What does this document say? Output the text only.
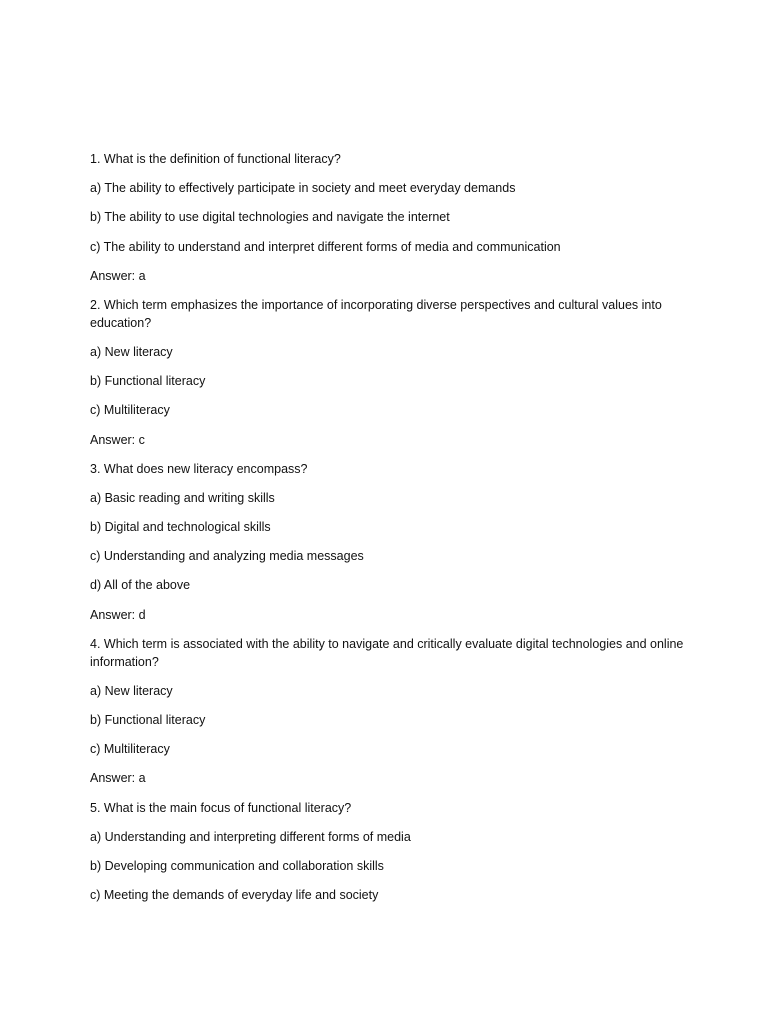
1. What is the definition of functional literacy?
a) The ability to effectively participate in society and meet everyday demands
b) The ability to use digital technologies and navigate the internet
c) The ability to understand and interpret different forms of media and communication
Answer: a
2. Which term emphasizes the importance of incorporating diverse perspectives and cultural values into education?
a) New literacy
b) Functional literacy
c) Multiliteracy
Answer: c
3. What does new literacy encompass?
a) Basic reading and writing skills
b) Digital and technological skills
c) Understanding and analyzing media messages
d) All of the above
Answer: d
4. Which term is associated with the ability to navigate and critically evaluate digital technologies and online information?
a) New literacy
b) Functional literacy
c) Multiliteracy
Answer: a
5. What is the main focus of functional literacy?
a) Understanding and interpreting different forms of media
b) Developing communication and collaboration skills
c) Meeting the demands of everyday life and society
